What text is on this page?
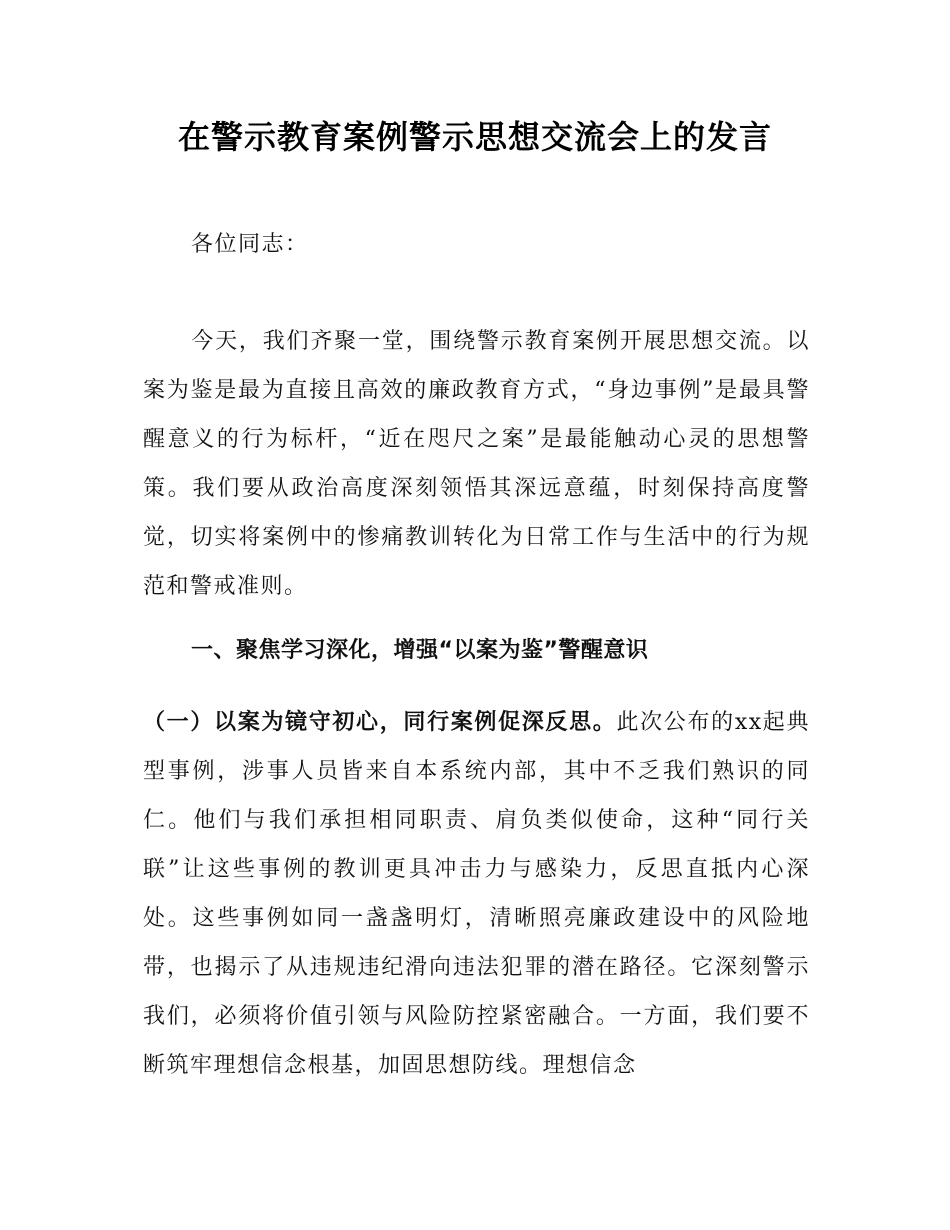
在警示教育案例警示思想交流会上的发言
各位同志：
今天，我们齐聚一堂，围绕警示教育案例开展思想交流。以案为鉴是最为直接且高效的廉政教育方式，“身边事例”是最具警醒意义的行为标杆，“近在咫尺之案”是最能触动心灵的思想警策。我们要从政治高度深刻领悟其深远意蕴，时刻保持高度警觉，切实将案例中的惨痛教训转化为日常工作与生活中的行为规范和警戒准则。
一、聚焦学习深化，增强“以案为鉴”警醒意识
（一）以案为镜守初心，同行案例促深反思。此次公布的xx起典型事例，涉事人员皆来自本系统内部，其中不乏我们熟识的同仁。他们与我们承担相同职责、肩负类似使命，这种“同行关联”让这些事例的教训更具冲击力与感染力，反思直抵内心深处。这些事例如同一盏盏明灯，清晰照亮廉政建设中的风险地带，也揭示了从违规违纪滑向违法犯罪的潜在路径。它深刻警示我们，必须将价值引领与风险防控紧密融合。一方面，我们要不断筑牢理想信念根基，加固思想防线。理想信念
